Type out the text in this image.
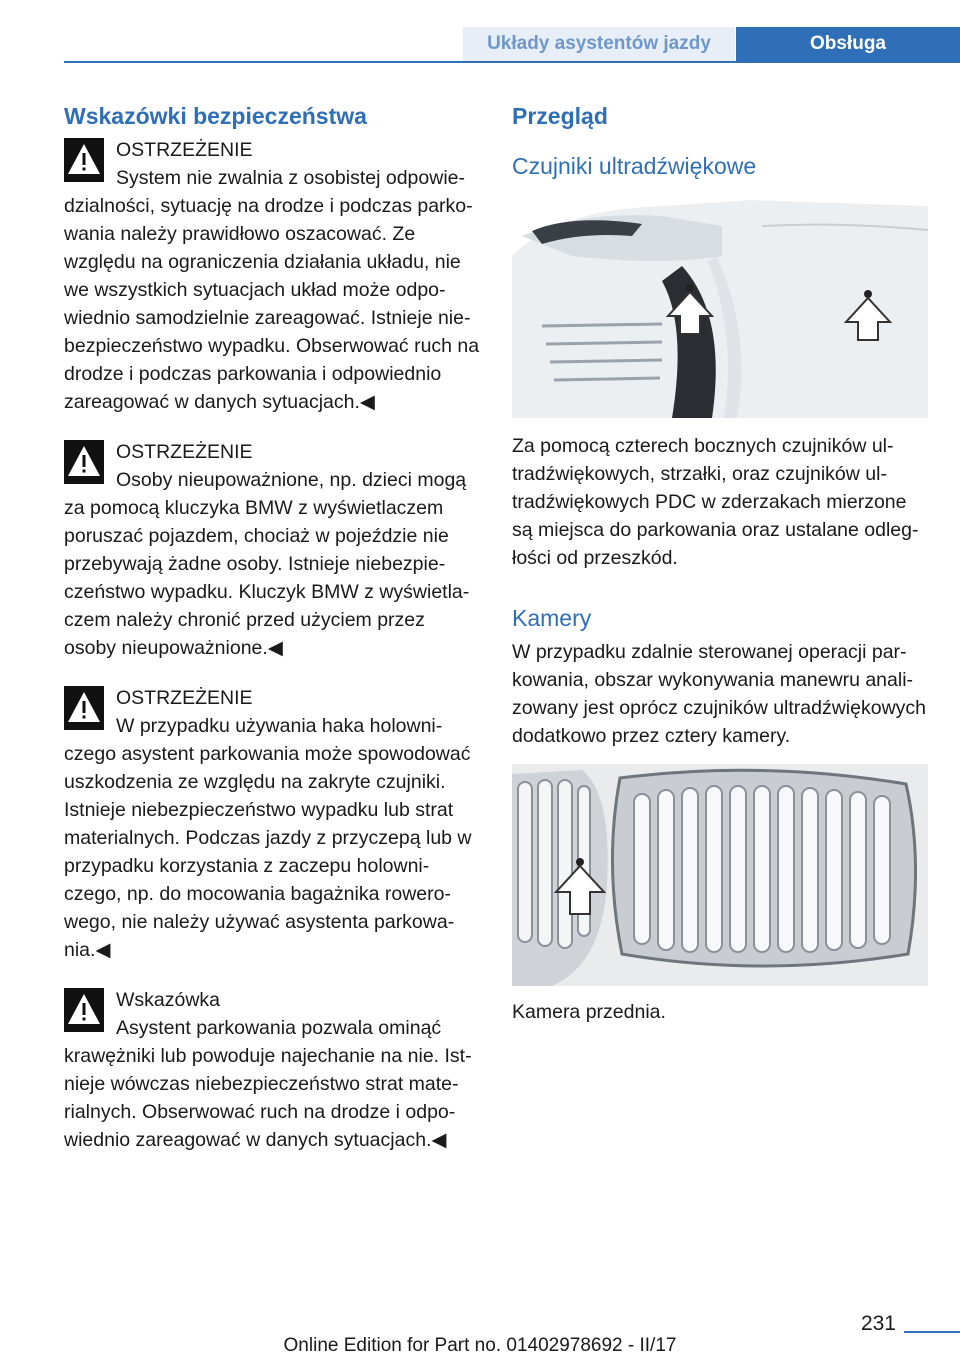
Układy asystentów jazdy	Obsługa
Wskazówki bezpieczeństwa
OSTRZEŻENIE

System nie zwalnia z osobistej odpowiedzialności, sytuację na drodze i podczas parkowania należy prawidłowo oszacować. Ze względu na ograniczenia działania układu, nie we wszystkich sytuacjach układ może odpowiednio samodzielnie zareagować. Istnieje niebezpieczeństwo wypadku. Obserwować ruch na drodze i podczas parkowania i odpowiednio zareagować w danych sytuacjach.◀

OSTRZEŻENIE

Osoby nieupoważnione, np. dzieci mogą za pomocą kluczyka BMW z wyświetlaczem poruszać pojazdem, chociaż w pojeździe nie przebywają żadne osoby. Istnieje niebezpieczeństwo wypadku. Kluczyk BMW z wyświetlaczem należy chronić przed użyciem przez osoby nieupoważnione.◀

OSTRZEŻENIE

W przypadku używania haka holowniczego asystent parkowania może spowodować uszkodzenia ze względu na zakryte czujniki. Istnieje niebezpieczeństwo wypadku lub strat materialnych. Podczas jazdy z przyczepą lub w przypadku korzystania z zaczepu holowniczego, np. do mocowania bagażnika rowerowego, nie należy używać asystenta parkowania.◀

Wskazówka

Asystent parkowania pozwala ominąć krawężniki lub powoduje najechanie na nie. Istnieje wówczas niebezpieczeństwo strat materialnych. Obserwować ruch na drodze i odpowiednio zareagować w danych sytuacjach.◀

Przegląd
Czujniki ultradźwiękowe

Za pomocą czterech bocznych czujników ultradźwiękowych, strzałki, oraz czujników ultradźwiękowych PDC w zderzakach mierzone są miejsca do parkowania oraz ustalane odległości od przeszkód.

Kamery

W przypadku zdalnie sterowanej operacji parkowania, obszar wykonywania manewru analizowany jest oprócz czujników ultradźwiękowych dodatkowo przez cztery kamery.

Kamera przednia.

231
Online Edition for Part no. 01402978692 - II/17
